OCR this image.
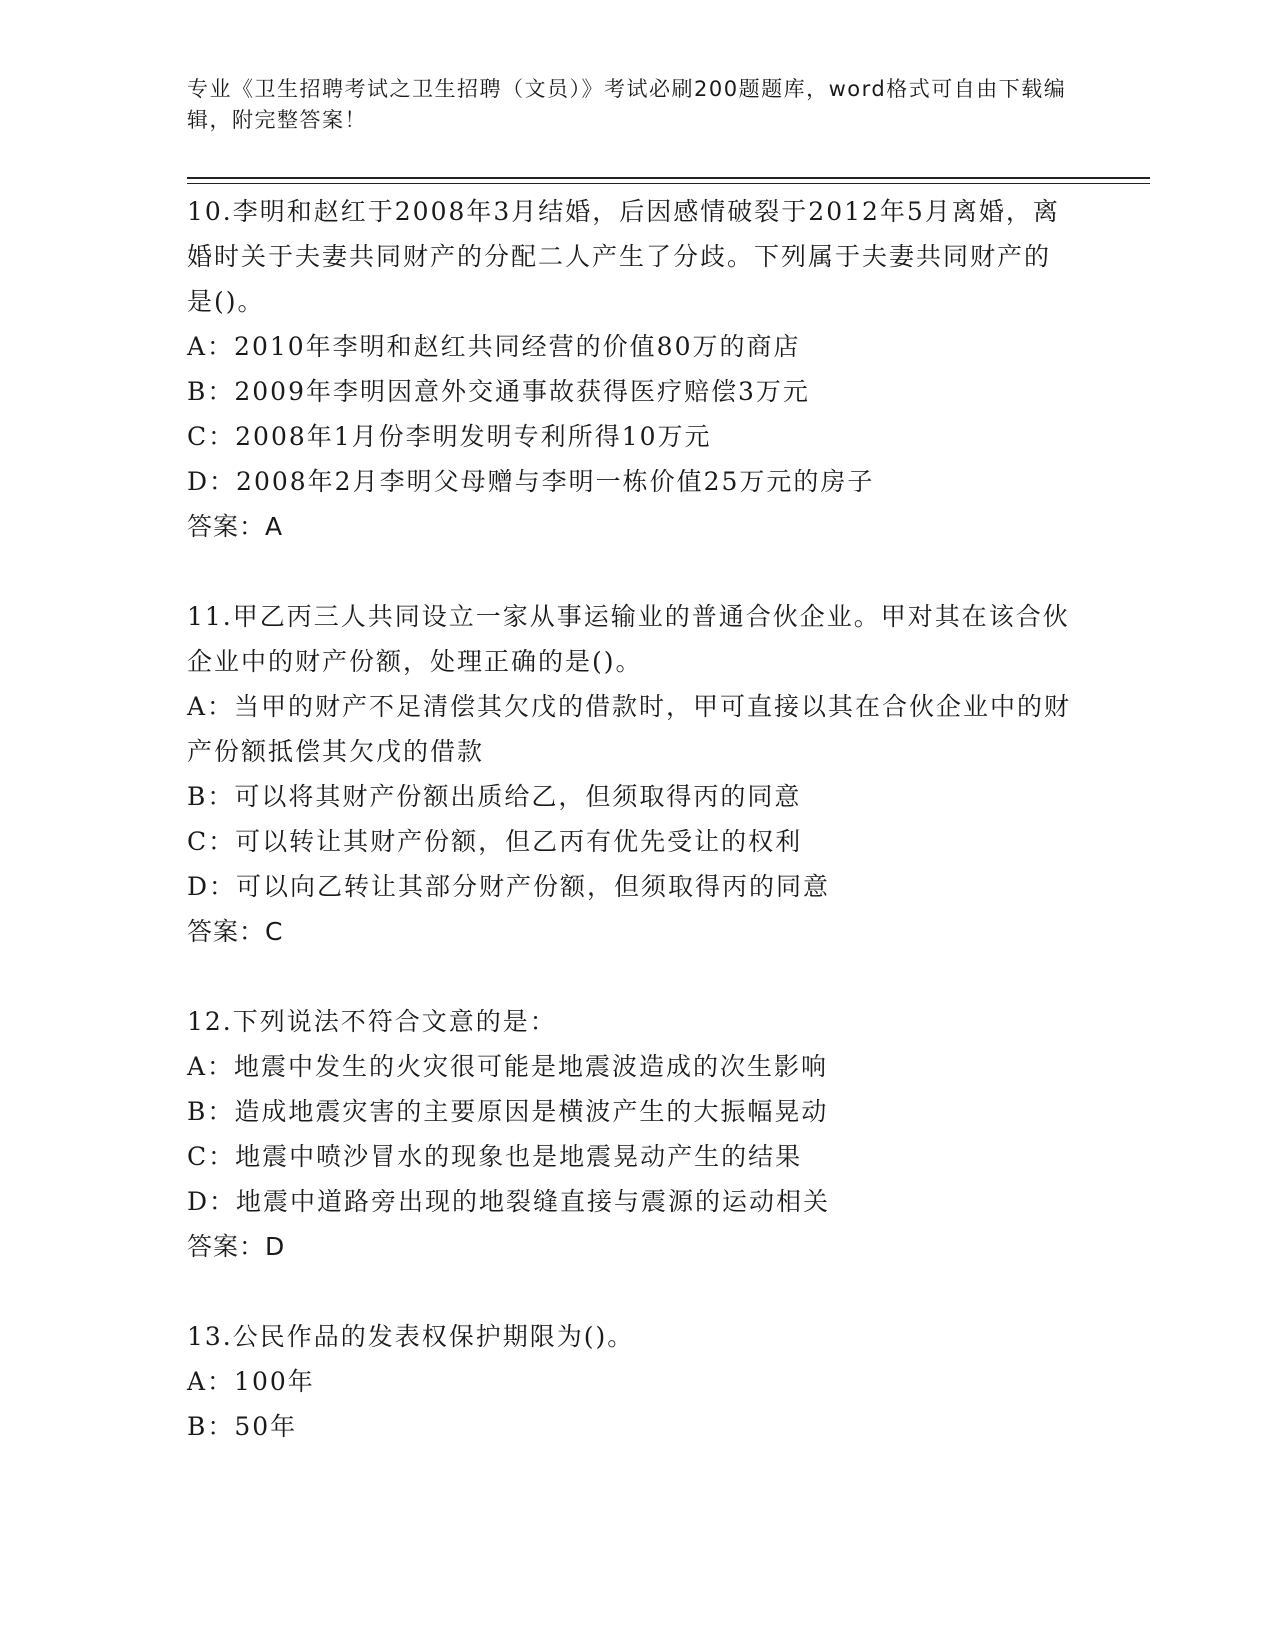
专业《卫生招聘考试之卫生招聘（文员）》考试必刷200题题库，word格式可自由下载编辑，附完整答案！

10.李明和赵红于2008年3月结婚，后因感情破裂于2012年5月离婚，离婚时关于夫妻共同财产的分配二人产生了分歧。下列属于夫妻共同财产的是()。

A：2010年李明和赵红共同经营的价值80万的商店

B：2009年李明因意外交通事故获得医疗赔偿3万元

C：2008年1月份李明发明专利所得10万元

D：2008年2月李明父母赠与李明一栋价值25万元的房子

答案：A

11.甲乙丙三人共同设立一家从事运输业的普通合伙企业。甲对其在该合伙企业中的财产份额，处理正确的是()。

A：当甲的财产不足清偿其欠戊的借款时，甲可直接以其在合伙企业中的财产份额抵偿其欠戊的借款

B：可以将其财产份额出质给乙，但须取得丙的同意

C：可以转让其财产份额，但乙丙有优先受让的权利

D：可以向乙转让其部分财产份额，但须取得丙的同意

答案：C

12.下列说法不符合文意的是：

A：地震中发生的火灾很可能是地震波造成的次生影响

B：造成地震灾害的主要原因是横波产生的大振幅晃动

C：地震中喷沙冒水的现象也是地震晃动产生的结果

D：地震中道路旁出现的地裂缝直接与震源的运动相关

答案：D

13.公民作品的发表权保护期限为()。

A：100年

B：50年
